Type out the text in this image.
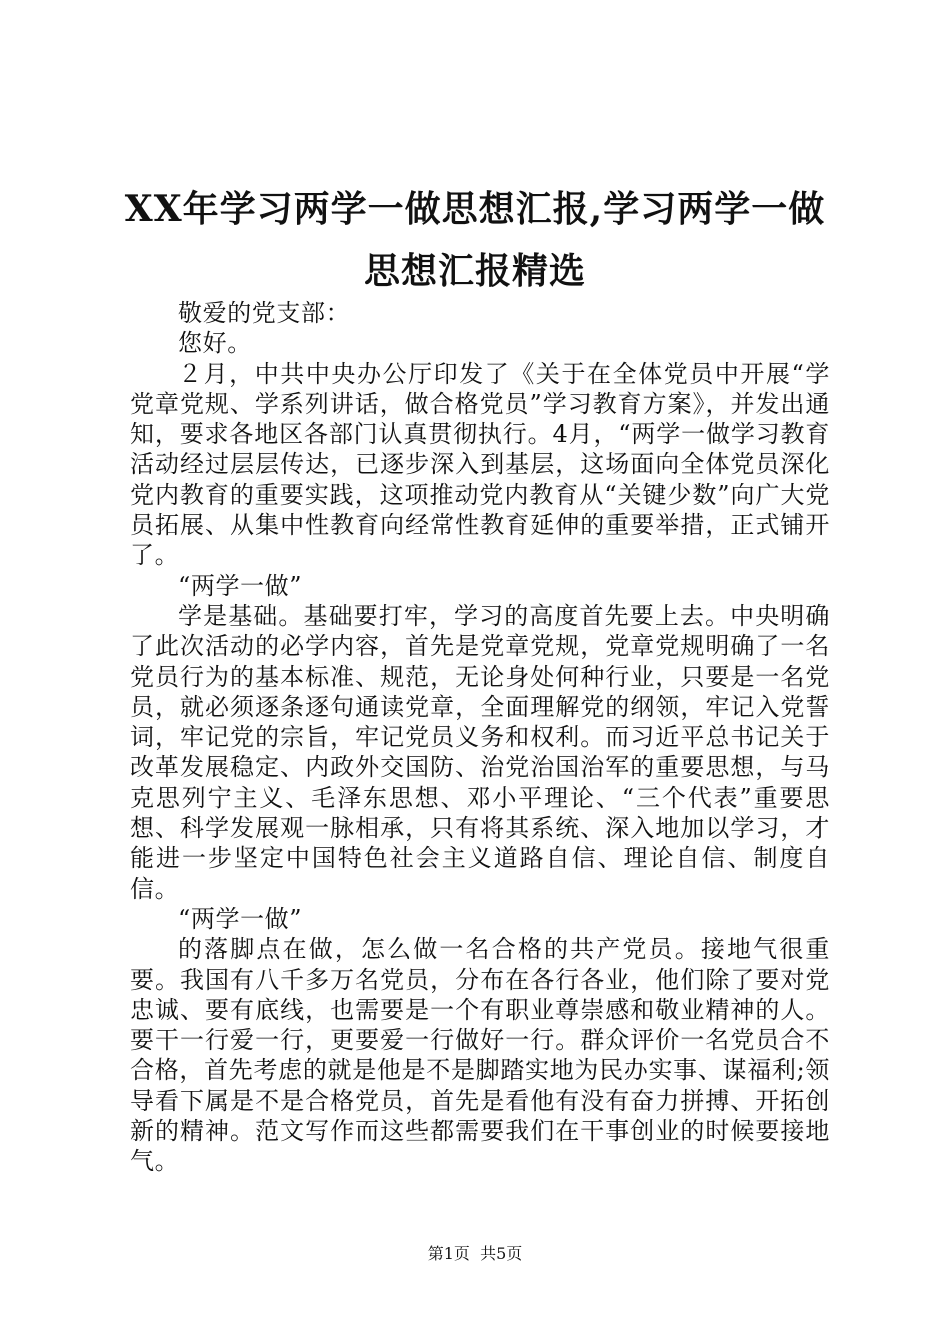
XX年学习两学一做思想汇报,学习两学一做思想汇报精选

敬爱的党支部：

您好。

２月，中共中央办公厅印发了《关于在全体党员中开展“学党章党规、学系列讲话，做合格党员”学习教育方案》，并发出通知，要求各地区各部门认真贯彻执行。4月，“两学一做学习教育活动经过层层传达，已逐步深入到基层，这场面向全体党员深化党内教育的重要实践，这项推动党内教育从“关键少数”向广大党员拓展、从集中性教育向经常性教育延伸的重要举措，正式铺开了。

“两学一做”

学是基础。基础要打牢，学习的高度首先要上去。中央明确了此次活动的必学内容，首先是党章党规，党章党规明确了一名党员行为的基本标准、规范，无论身处何种行业，只要是一名党员，就必须逐条逐句通读党章，全面理解党的纲领，牢记入党誓词，牢记党的宗旨，牢记党员义务和权利。而习近平总书记关于改革发展稳定、内政外交国防、治党治国治军的重要思想，与马克思列宁主义、毛泽东思想、邓小平理论、“三个代表”重要思想、科学发展观一脉相承，只有将其系统、深入地加以学习，才能进一步坚定中国特色社会主义道路自信、理论自信、制度自信。

“两学一做”

的落脚点在做，怎么做一名合格的共产党员。接地气很重要。我国有八千多万名党员，分布在各行各业，他们除了要对党忠诚、要有底线，也需要是一个有职业尊崇感和敬业精神的人。要干一行爱一行，更要爱一行做好一行。群众评价一名党员合不合格，首先考虑的就是他是不是脚踏实地为民办实事、谋福利;领导看下属是不是合格党员，首先是看他有没有奋力拼搏、开拓创新的精神。范文写作而这些都需要我们在干事创业的时候要接地气。

第1页 共5页
